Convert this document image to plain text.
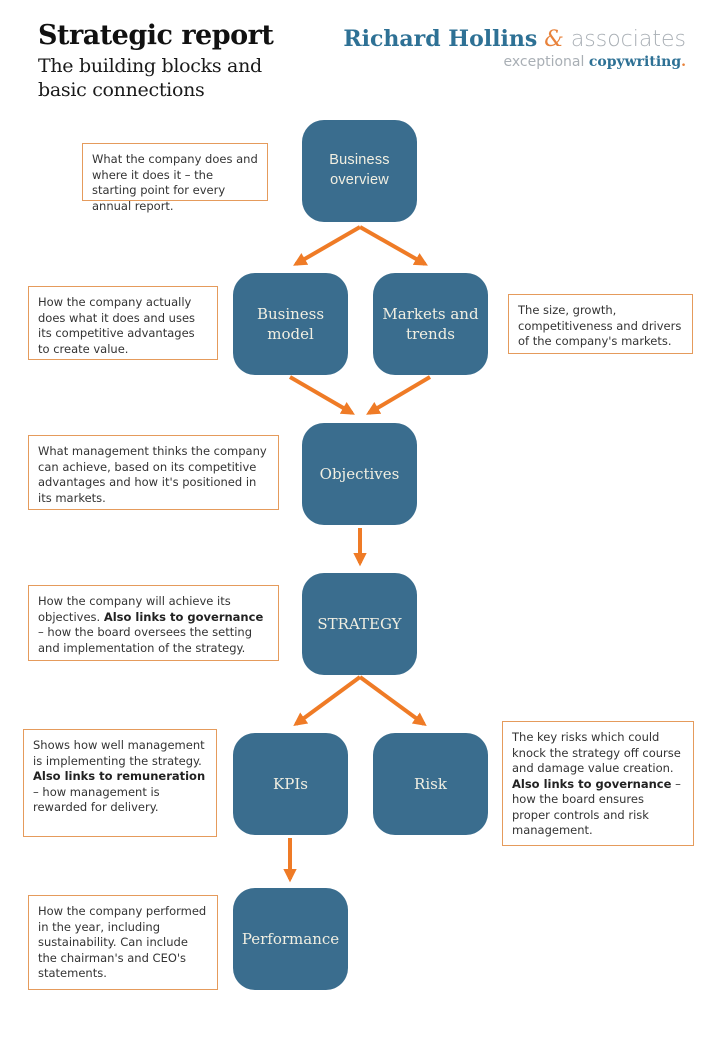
Strategic report
The building blocks and basic connections
Richard Hollins & associates
exceptional copywriting.
Business overview
Business model
Markets and trends
Objectives
STRATEGY
KPIs	Risk
Performance
What the company does and where it does it – the starting point for every annual report.
How the company actually does what it does and uses its competitive advantages to create value.
The size, growth, competitiveness and drivers of the company's markets.
What management thinks the company can achieve, based on its competitive advantages and how it's positioned in its markets.
How the company will achieve its objectives. Also links to governance – how the board oversees the setting and implementation of the strategy.
Shows how well management is implementing the strategy. Also links to remuneration – how management is rewarded for delivery.
The key risks which could knock the strategy off course and damage value creation. Also links to governance – how the board ensures proper controls and risk management.
How the company performed in the year, including sustainability. Can include the chairman's and CEO's statements.
